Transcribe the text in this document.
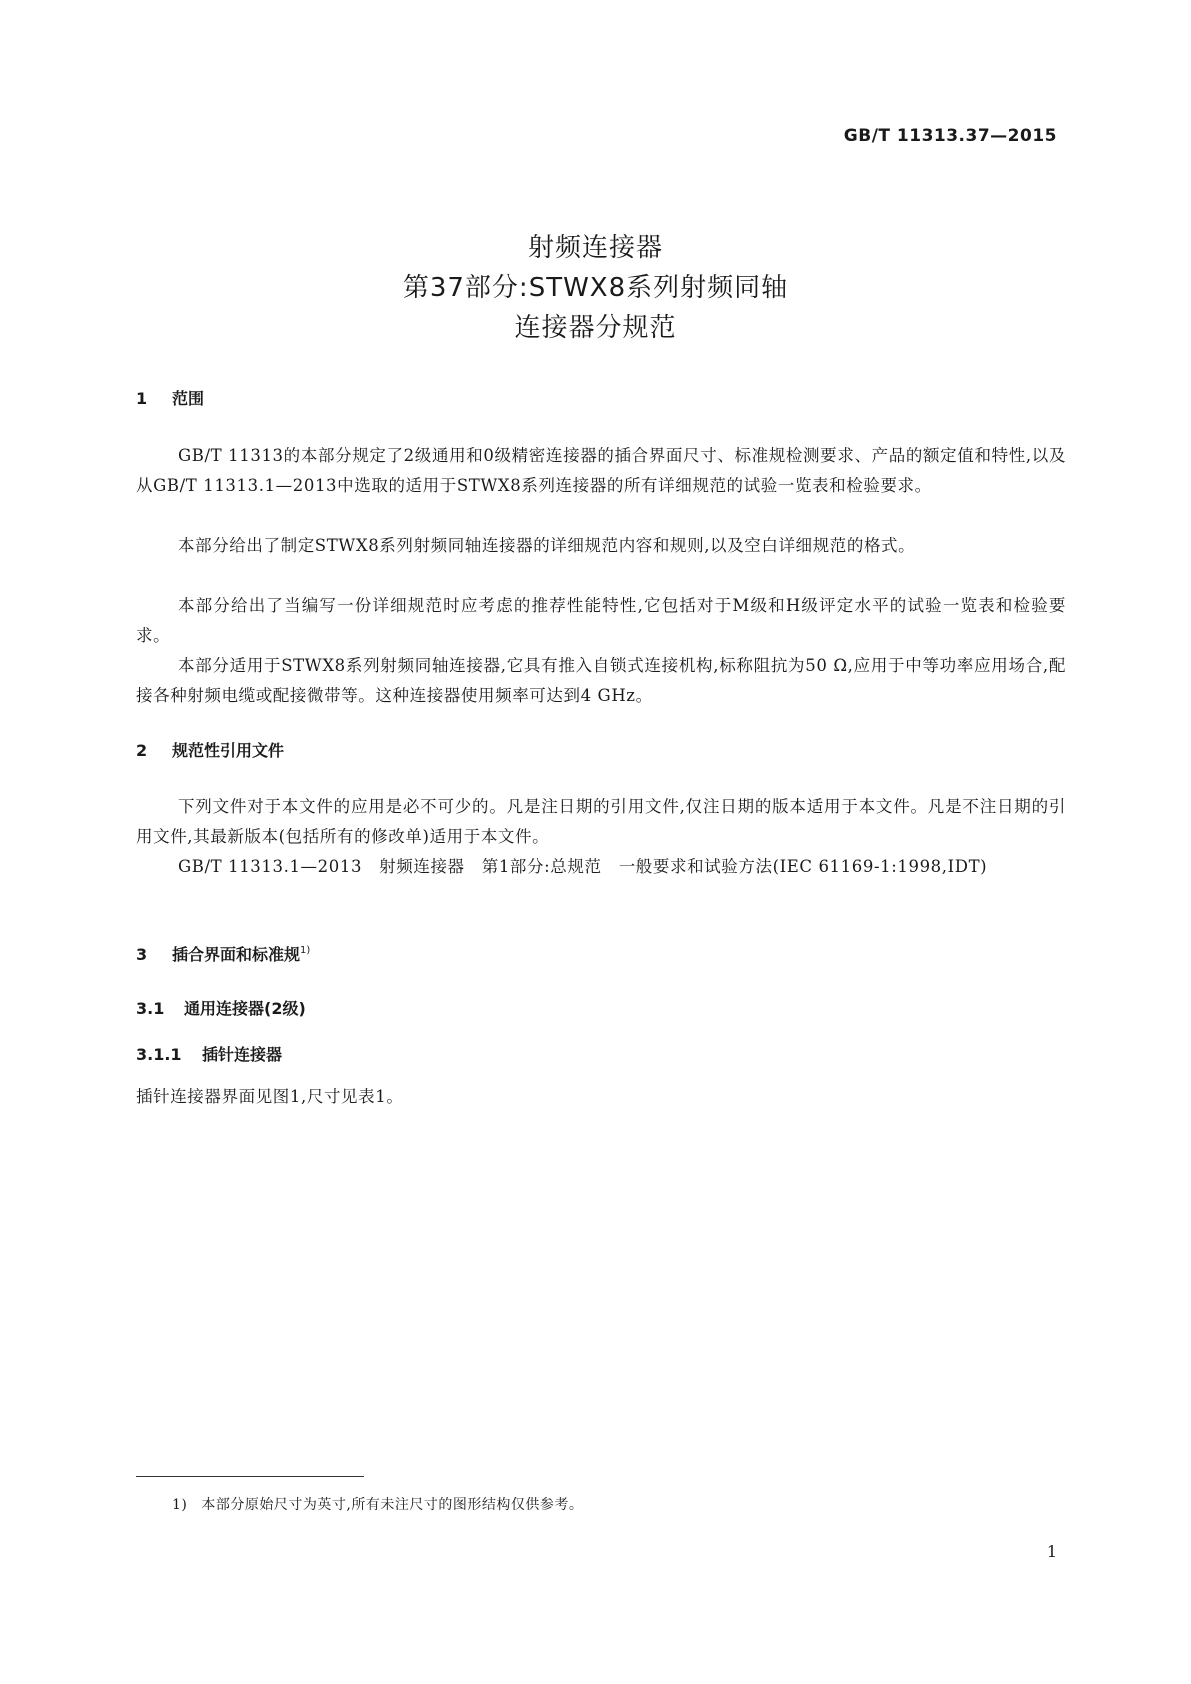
GB/T 11313.37—2015
射频连接器
第37部分:STWX8系列射频同轴
连接器分规范
1 范围
GB/T 11313的本部分规定了2级通用和0级精密连接器的插合界面尺寸、标准规检测要求、产品的额定值和特性,以及从GB/T 11313.1—2013中选取的适用于STWX8系列连接器的所有详细规范的试验一览表和检验要求。
本部分给出了制定STWX8系列射频同轴连接器的详细规范内容和规则,以及空白详细规范的格式。
本部分给出了当编写一份详细规范时应考虑的推荐性能特性,它包括对于M级和H级评定水平的试验一览表和检验要求。
本部分适用于STWX8系列射频同轴连接器,它具有推入自锁式连接机构,标称阻抗为50 Ω,应用于中等功率应用场合,配接各种射频电缆或配接微带等。这种连接器使用频率可达到4 GHz。
2 规范性引用文件
下列文件对于本文件的应用是必不可少的。凡是注日期的引用文件,仅注日期的版本适用于本文件。凡是不注日期的引用文件,其最新版本(包括所有的修改单)适用于本文件。
GB/T 11313.1—2013　射频连接器　第1部分:总规范　一般要求和试验方法(IEC 61169-1:1998,IDT)
3 插合界面和标准规$^{1)}$
3.1 通用连接器(2级)
3.1.1 插针连接器
插针连接器界面见图1,尺寸见表1。
1) 本部分原始尺寸为英寸,所有未注尺寸的图形结构仅供参考。
1
